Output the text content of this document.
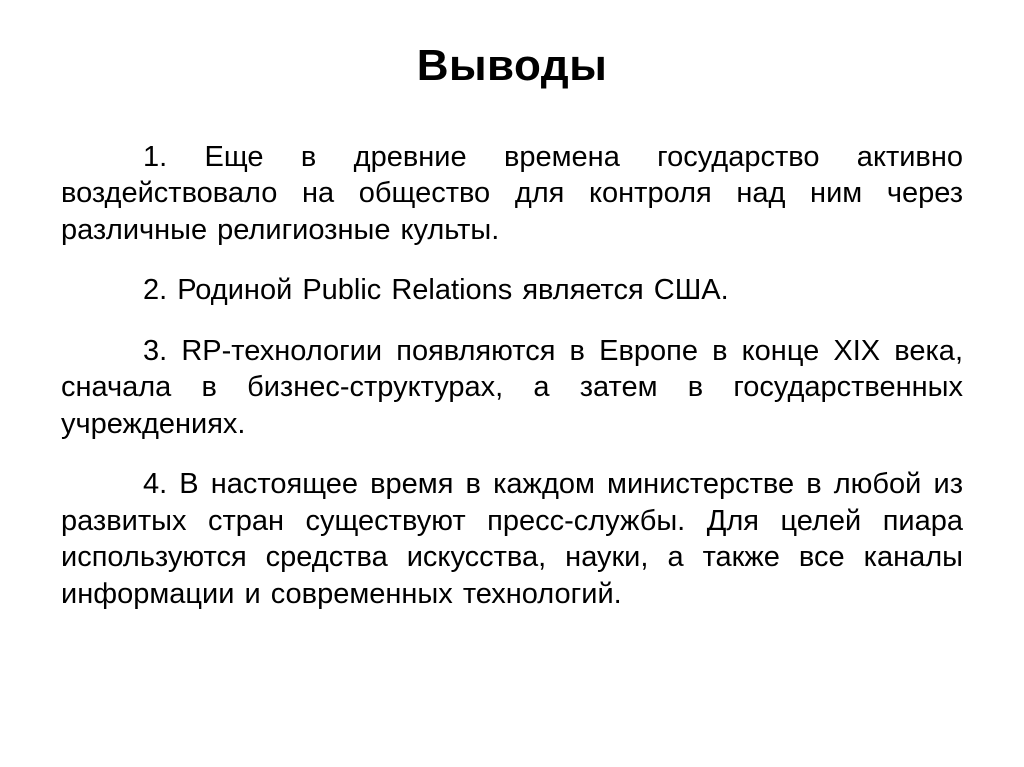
Выводы

1. Еще в древние времена государство активно воздействовало на общество для контроля над ним через различные религиозные культы.

2. Родиной Public Relations является США.

3. RP-технологии появляются в Европе в конце XIX века, сначала в бизнес-структурах, а затем в государственных учреждениях.

4. В настоящее время в каждом министерстве в любой из развитых стран существуют пресс-службы. Для целей пиара используются средства искусства, науки, а также все каналы информации и современных технологий.
